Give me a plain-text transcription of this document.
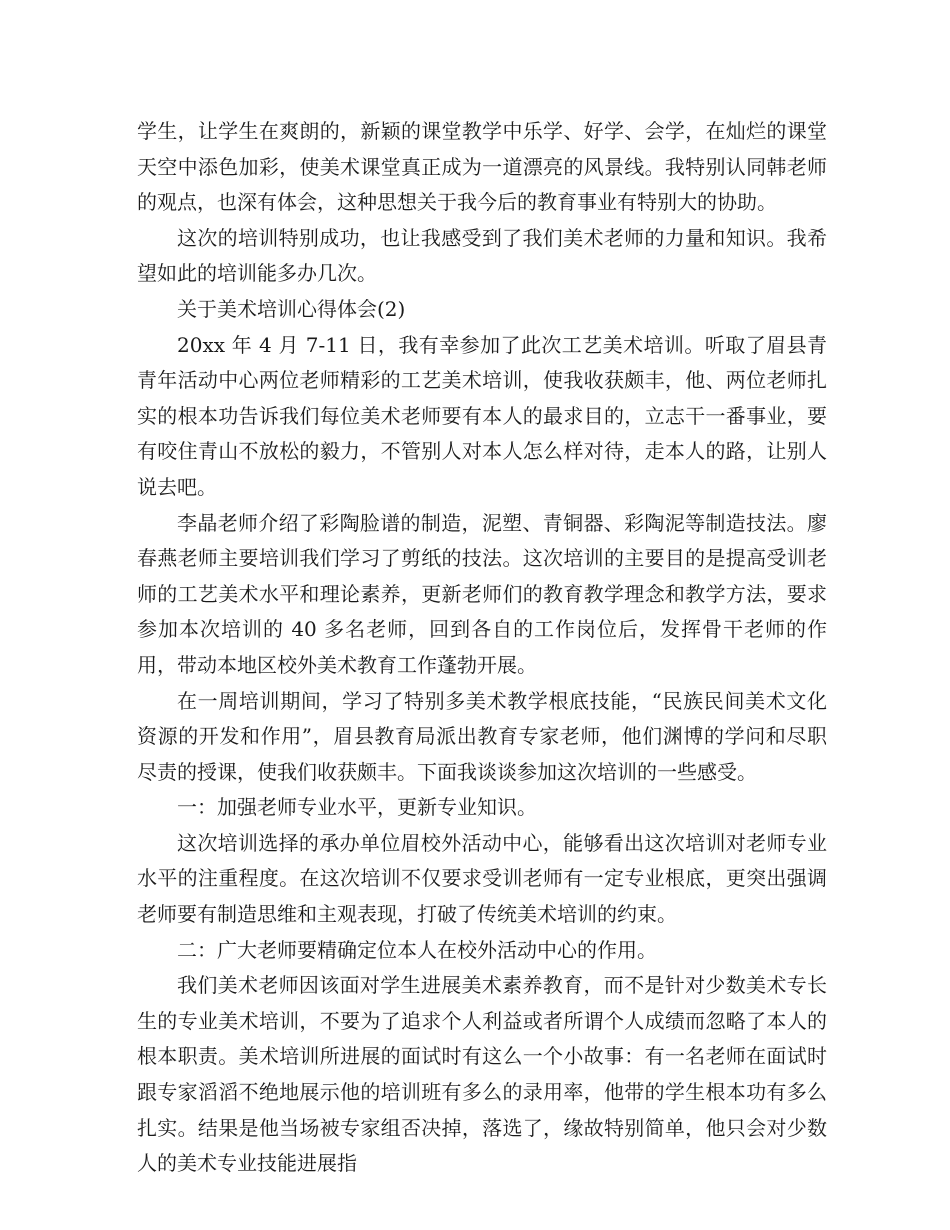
学生，让学生在爽朗的，新颖的课堂教学中乐学、好学、会学，在灿烂的课堂天空中添色加彩，使美术课堂真正成为一道漂亮的风景线。我特别认同韩老师的观点，也深有体会，这种思想关于我今后的教育事业有特别大的协助。

这次的培训特别成功，也让我感受到了我们美术老师的力量和知识。我希望如此的培训能多办几次。

关于美术培训心得体会(2)

20xx 年 4 月 7-11 日，我有幸参加了此次工艺美术培训。听取了眉县青青年活动中心两位老师精彩的工艺美术培训，使我收获颇丰，他、两位老师扎实的根本功告诉我们每位美术老师要有本人的最求目的，立志干一番事业，要有咬住青山不放松的毅力，不管别人对本人怎么样对待，走本人的路，让别人说去吧。

李晶老师介绍了彩陶脸谱的制造，泥塑、青铜器、彩陶泥等制造技法。廖春燕老师主要培训我们学习了剪纸的技法。这次培训的主要目的是提高受训老师的工艺美术水平和理论素养，更新老师们的教育教学理念和教学方法，要求参加本次培训的 40 多名老师，回到各自的工作岗位后，发挥骨干老师的作用，带动本地区校外美术教育工作蓬勃开展。

在一周培训期间，学习了特别多美术教学根底技能，“民族民间美术文化资源的开发和作用”，眉县教育局派出教育专家老师，他们渊博的学问和尽职尽责的授课，使我们收获颇丰。下面我谈谈参加这次培训的一些感受。

一：加强老师专业水平，更新专业知识。

这次培训选择的承办单位眉校外活动中心，能够看出这次培训对老师专业水平的注重程度。在这次培训不仅要求受训老师有一定专业根底，更突出强调老师要有制造思维和主观表现，打破了传统美术培训的约束。

二：广大老师要精确定位本人在校外活动中心的作用。

我们美术老师因该面对学生进展美术素养教育，而不是针对少数美术专长生的专业美术培训，不要为了追求个人利益或者所谓个人成绩而忽略了本人的根本职责。美术培训所进展的面试时有这么一个小故事：有一名老师在面试时跟专家滔滔不绝地展示他的培训班有多么的录用率，他带的学生根本功有多么扎实。结果是他当场被专家组否决掉，落选了，缘故特别简单，他只会对少数人的美术专业技能进展指
